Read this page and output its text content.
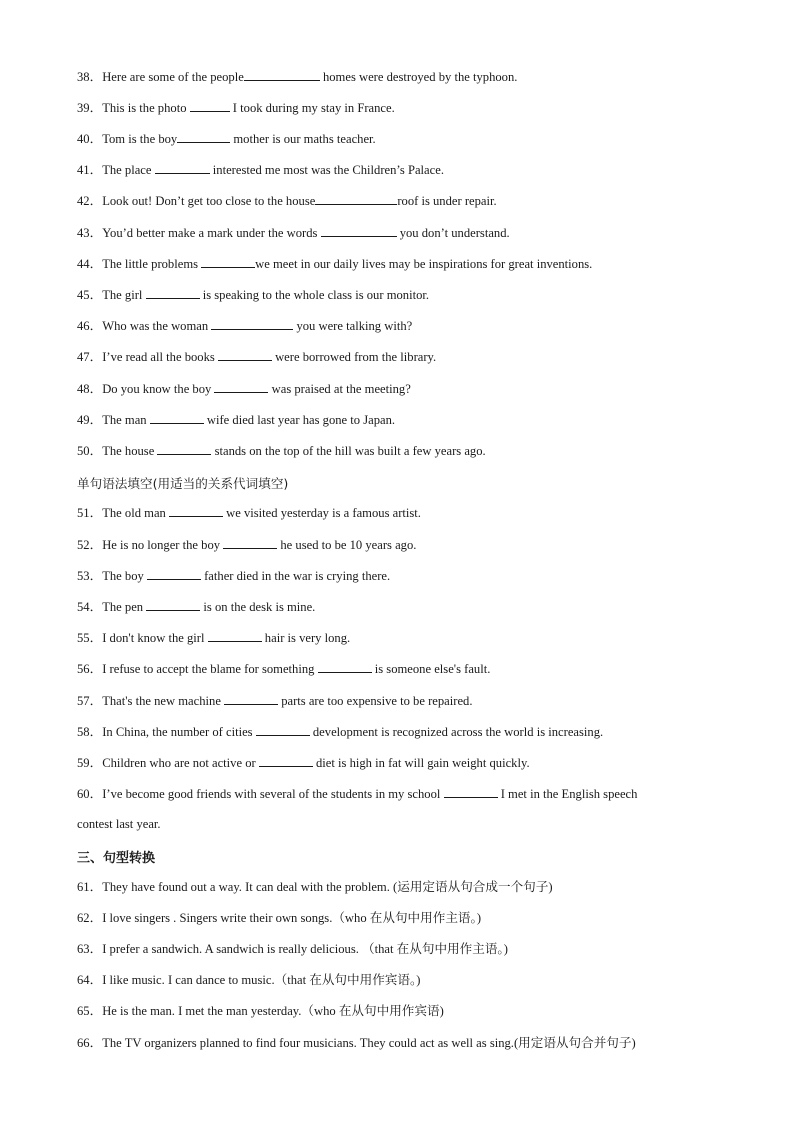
38．Here are some of the people	homes were destroyed by the typhoon.
39．This is the photo	I took during my stay in France.
40．Tom is the boy	mother is our maths teacher.
41．The place	interested me most was the Children’s Palace.
42．Look out! Don’t get too close to the house	roof is under repair.
43．You’d better make a mark under the words	you don’t understand.
44．The little problems	we meet in our daily lives may be inspirations for great inventions.
45．The girl	is speaking to the whole class is our monitor.
46．Who was the woman	you were talking with?
47．I’ve read all the books	were borrowed from the library.
48．Do you know the boy	was praised at the meeting?
49．The man	wife died last year has gone to Japan.
50．The house	stands on the top of the hill was built a few years ago.
单句语法填空(用适当的关系代词填空)
51．The old man	we visited yesterday is a famous artist.
52．He is no longer the boy	he used to be 10 years ago.
53．The boy	father died in the war is crying there.
54．The pen	is on the desk is mine.
55．I don't know the girl	hair is very long.
56．I refuse to accept the blame for something	is someone else's fault.
57．That's the new machine	parts are too expensive to be repaired.
58．In China, the number of cities	development is recognized across the world is increasing.
59．Children who are not active or	diet is high in fat will gain weight quickly.
60．I’ve become good friends with several of the students in my school	I met in the English speech
contest last year.
三、句型转换
61．They have found out a way. It can deal with the problem. (运用定语从句合成一个句子)
62．I love singers . Singers write their own songs.（who 在从句中用作主语。)
63．I prefer a sandwich. A sandwich is really delicious. （that 在从句中用作主语。)
64．I like music. I can dance to music.（that 在从句中用作宾语。)
65．He is the man. I met the man yesterday.（who 在从句中用作宾语)
66．The TV organizers planned to find four musicians. They could act as well as sing.(用定语从句合并句子)
